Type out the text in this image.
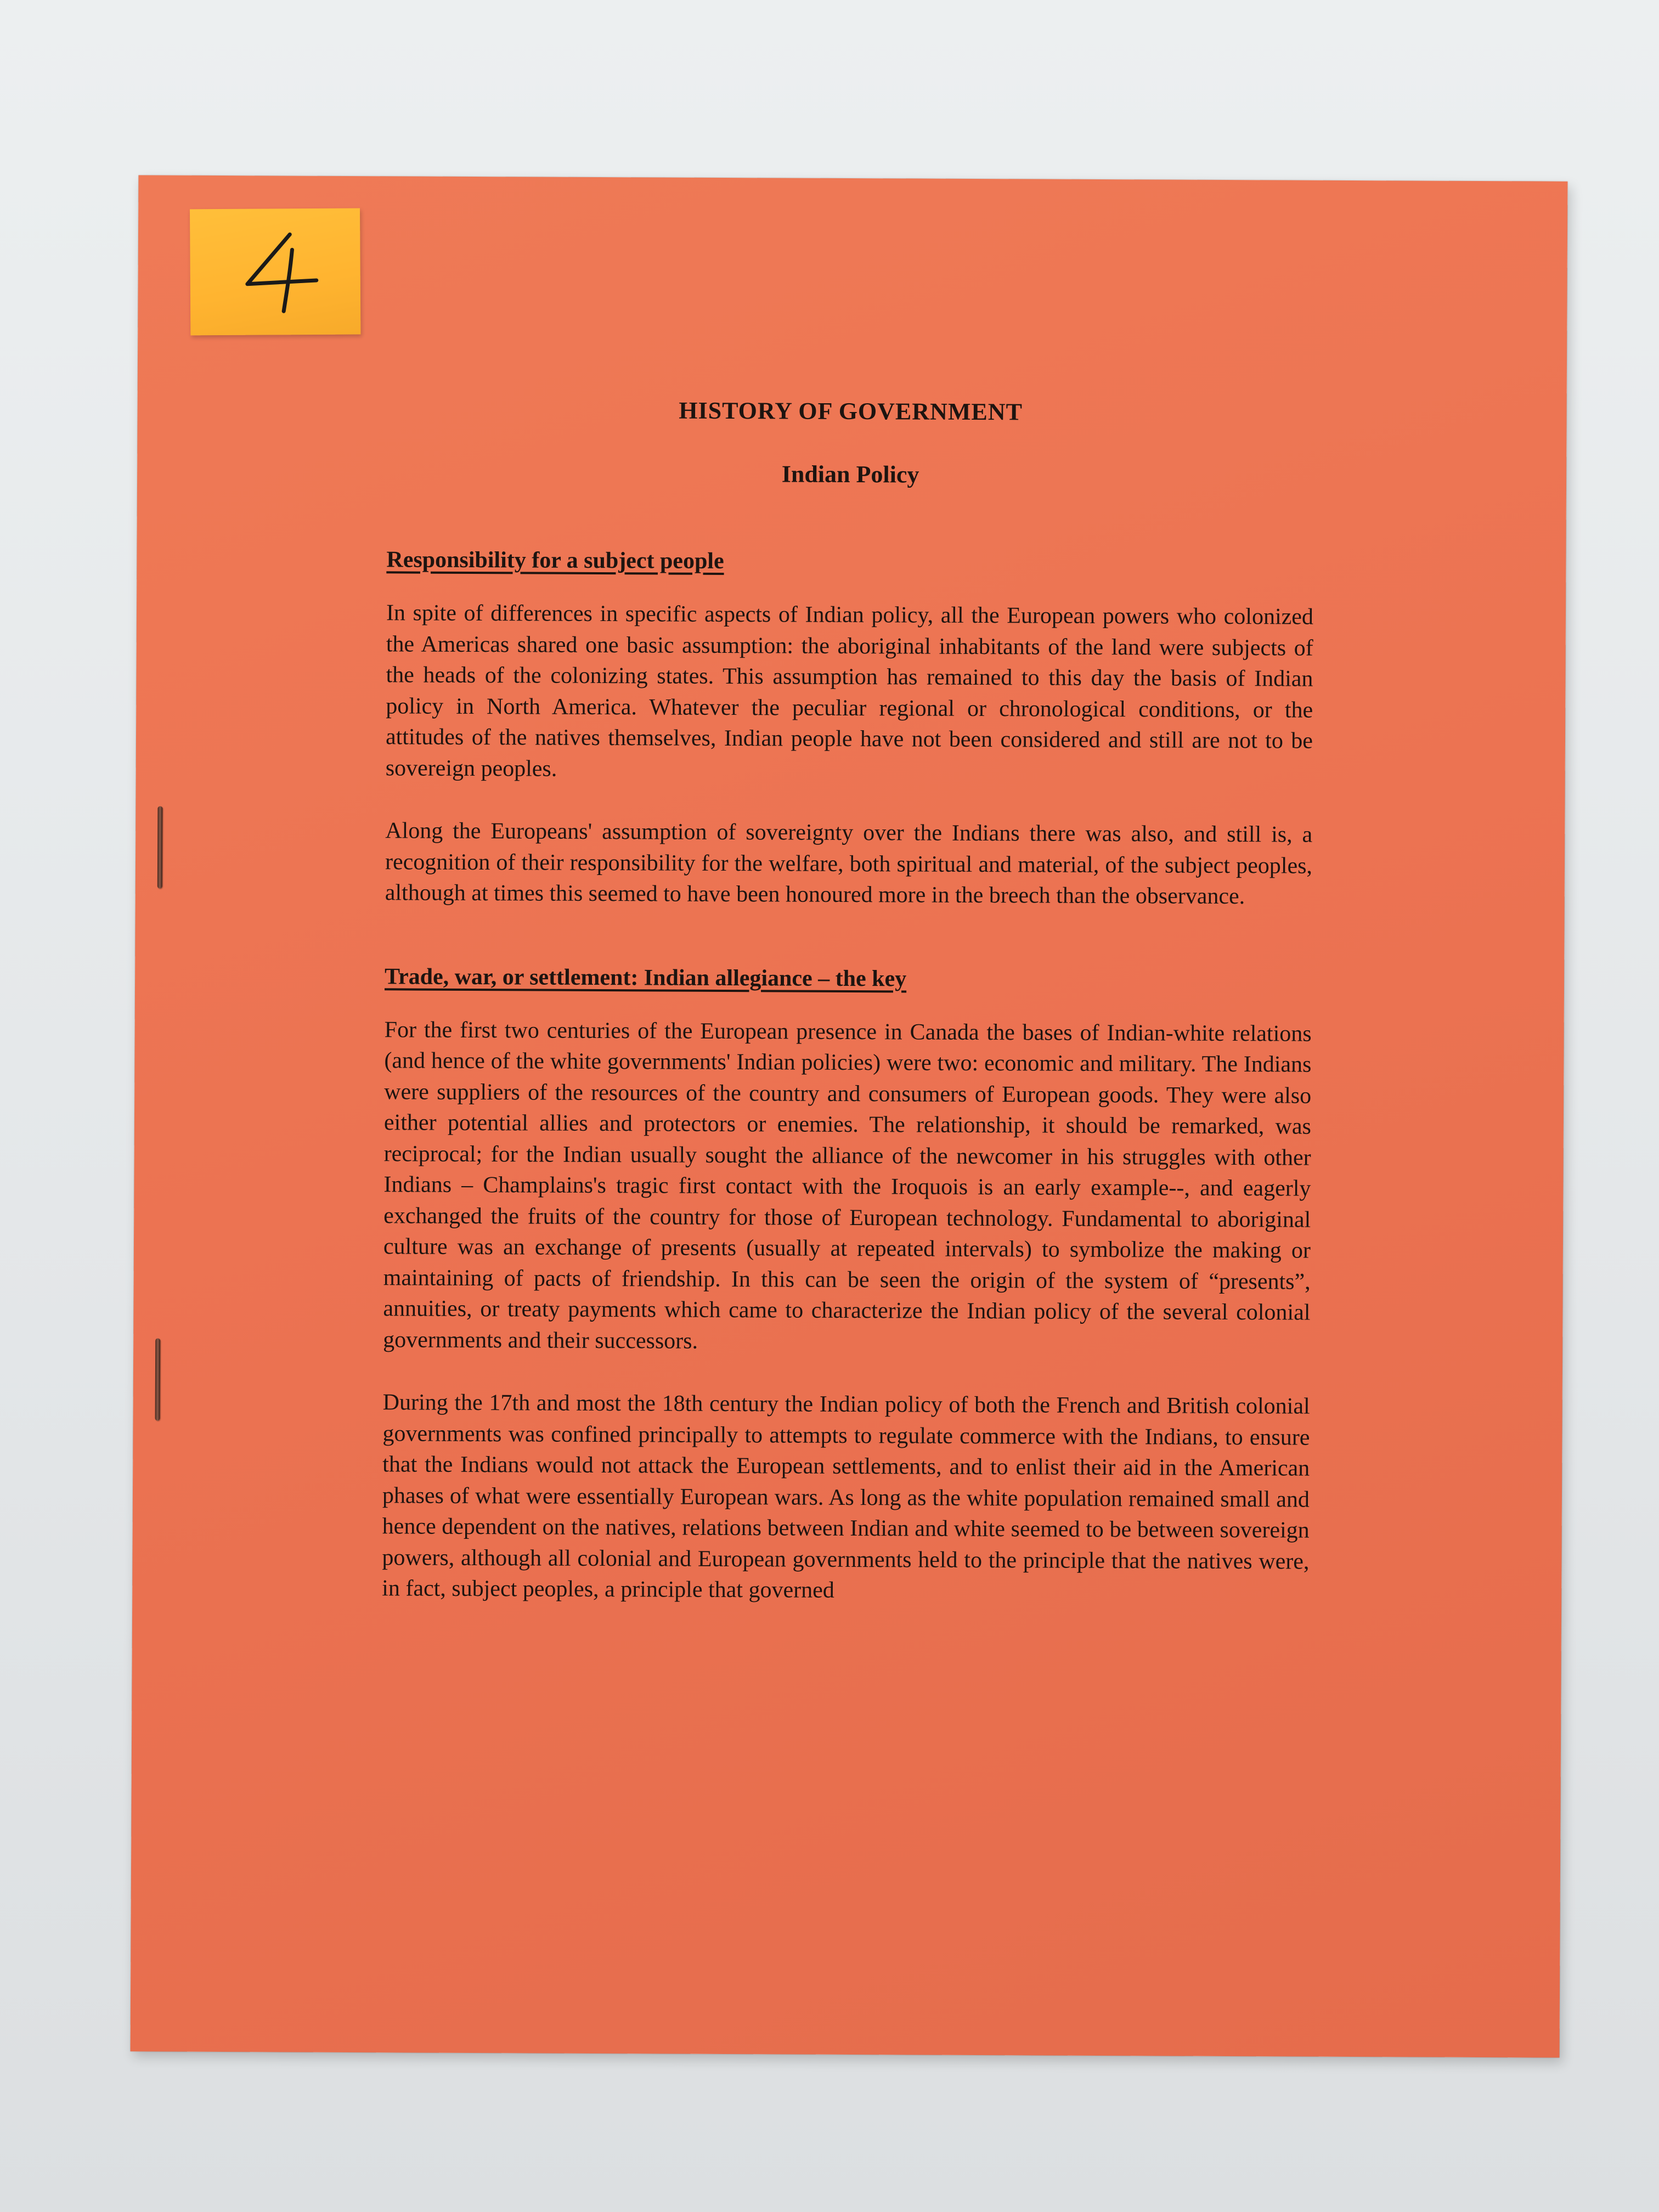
HISTORY OF GOVERNMENT
Indian Policy
Responsibility for a subject people

In spite of differences in specific aspects of Indian policy, all the European powers who colonized the Americas shared one basic assumption: the aboriginal inhabitants of the land were subjects of the heads of the colonizing states. This assumption has remained to this day the basis of Indian policy in North America. Whatever the peculiar regional or chronological conditions, or the attitudes of the natives themselves, Indian people have not been considered and still are not to be sovereign peoples.

Along the Europeans' assumption of sovereignty over the Indians there was also, and still is, a recognition of their responsibility for the welfare, both spiritual and material, of the subject peoples, although at times this seemed to have been honoured more in the breech than the observance.

Trade, war, or settlement: Indian allegiance – the key

For the first two centuries of the European presence in Canada the bases of Indian-white relations (and hence of the white governments' Indian policies) were two: economic and military. The Indians were suppliers of the resources of the country and consumers of European goods. They were also either potential allies and protectors or enemies. The relationship, it should be remarked, was reciprocal; for the Indian usually sought the alliance of the newcomer in his struggles with other Indians – Champlains's tragic first contact with the Iroquois is an early example--, and eagerly exchanged the fruits of the country for those of European technology. Fundamental to aboriginal culture was an exchange of presents (usually at repeated intervals) to symbolize the making or maintaining of pacts of friendship. In this can be seen the origin of the system of “presents”, annuities, or treaty payments which came to characterize the Indian policy of the several colonial governments and their successors.

During the 17th and most the 18th century the Indian policy of both the French and British colonial governments was confined principally to attempts to regulate commerce with the Indians, to ensure that the Indians would not attack the European settlements, and to enlist their aid in the American phases of what were essentially European wars. As long as the white population remained small and hence dependent on the natives, relations between Indian and white seemed to be between sovereign powers, although all colonial and European governments held to the principle that the natives were, in fact, subject peoples, a principle that governed
